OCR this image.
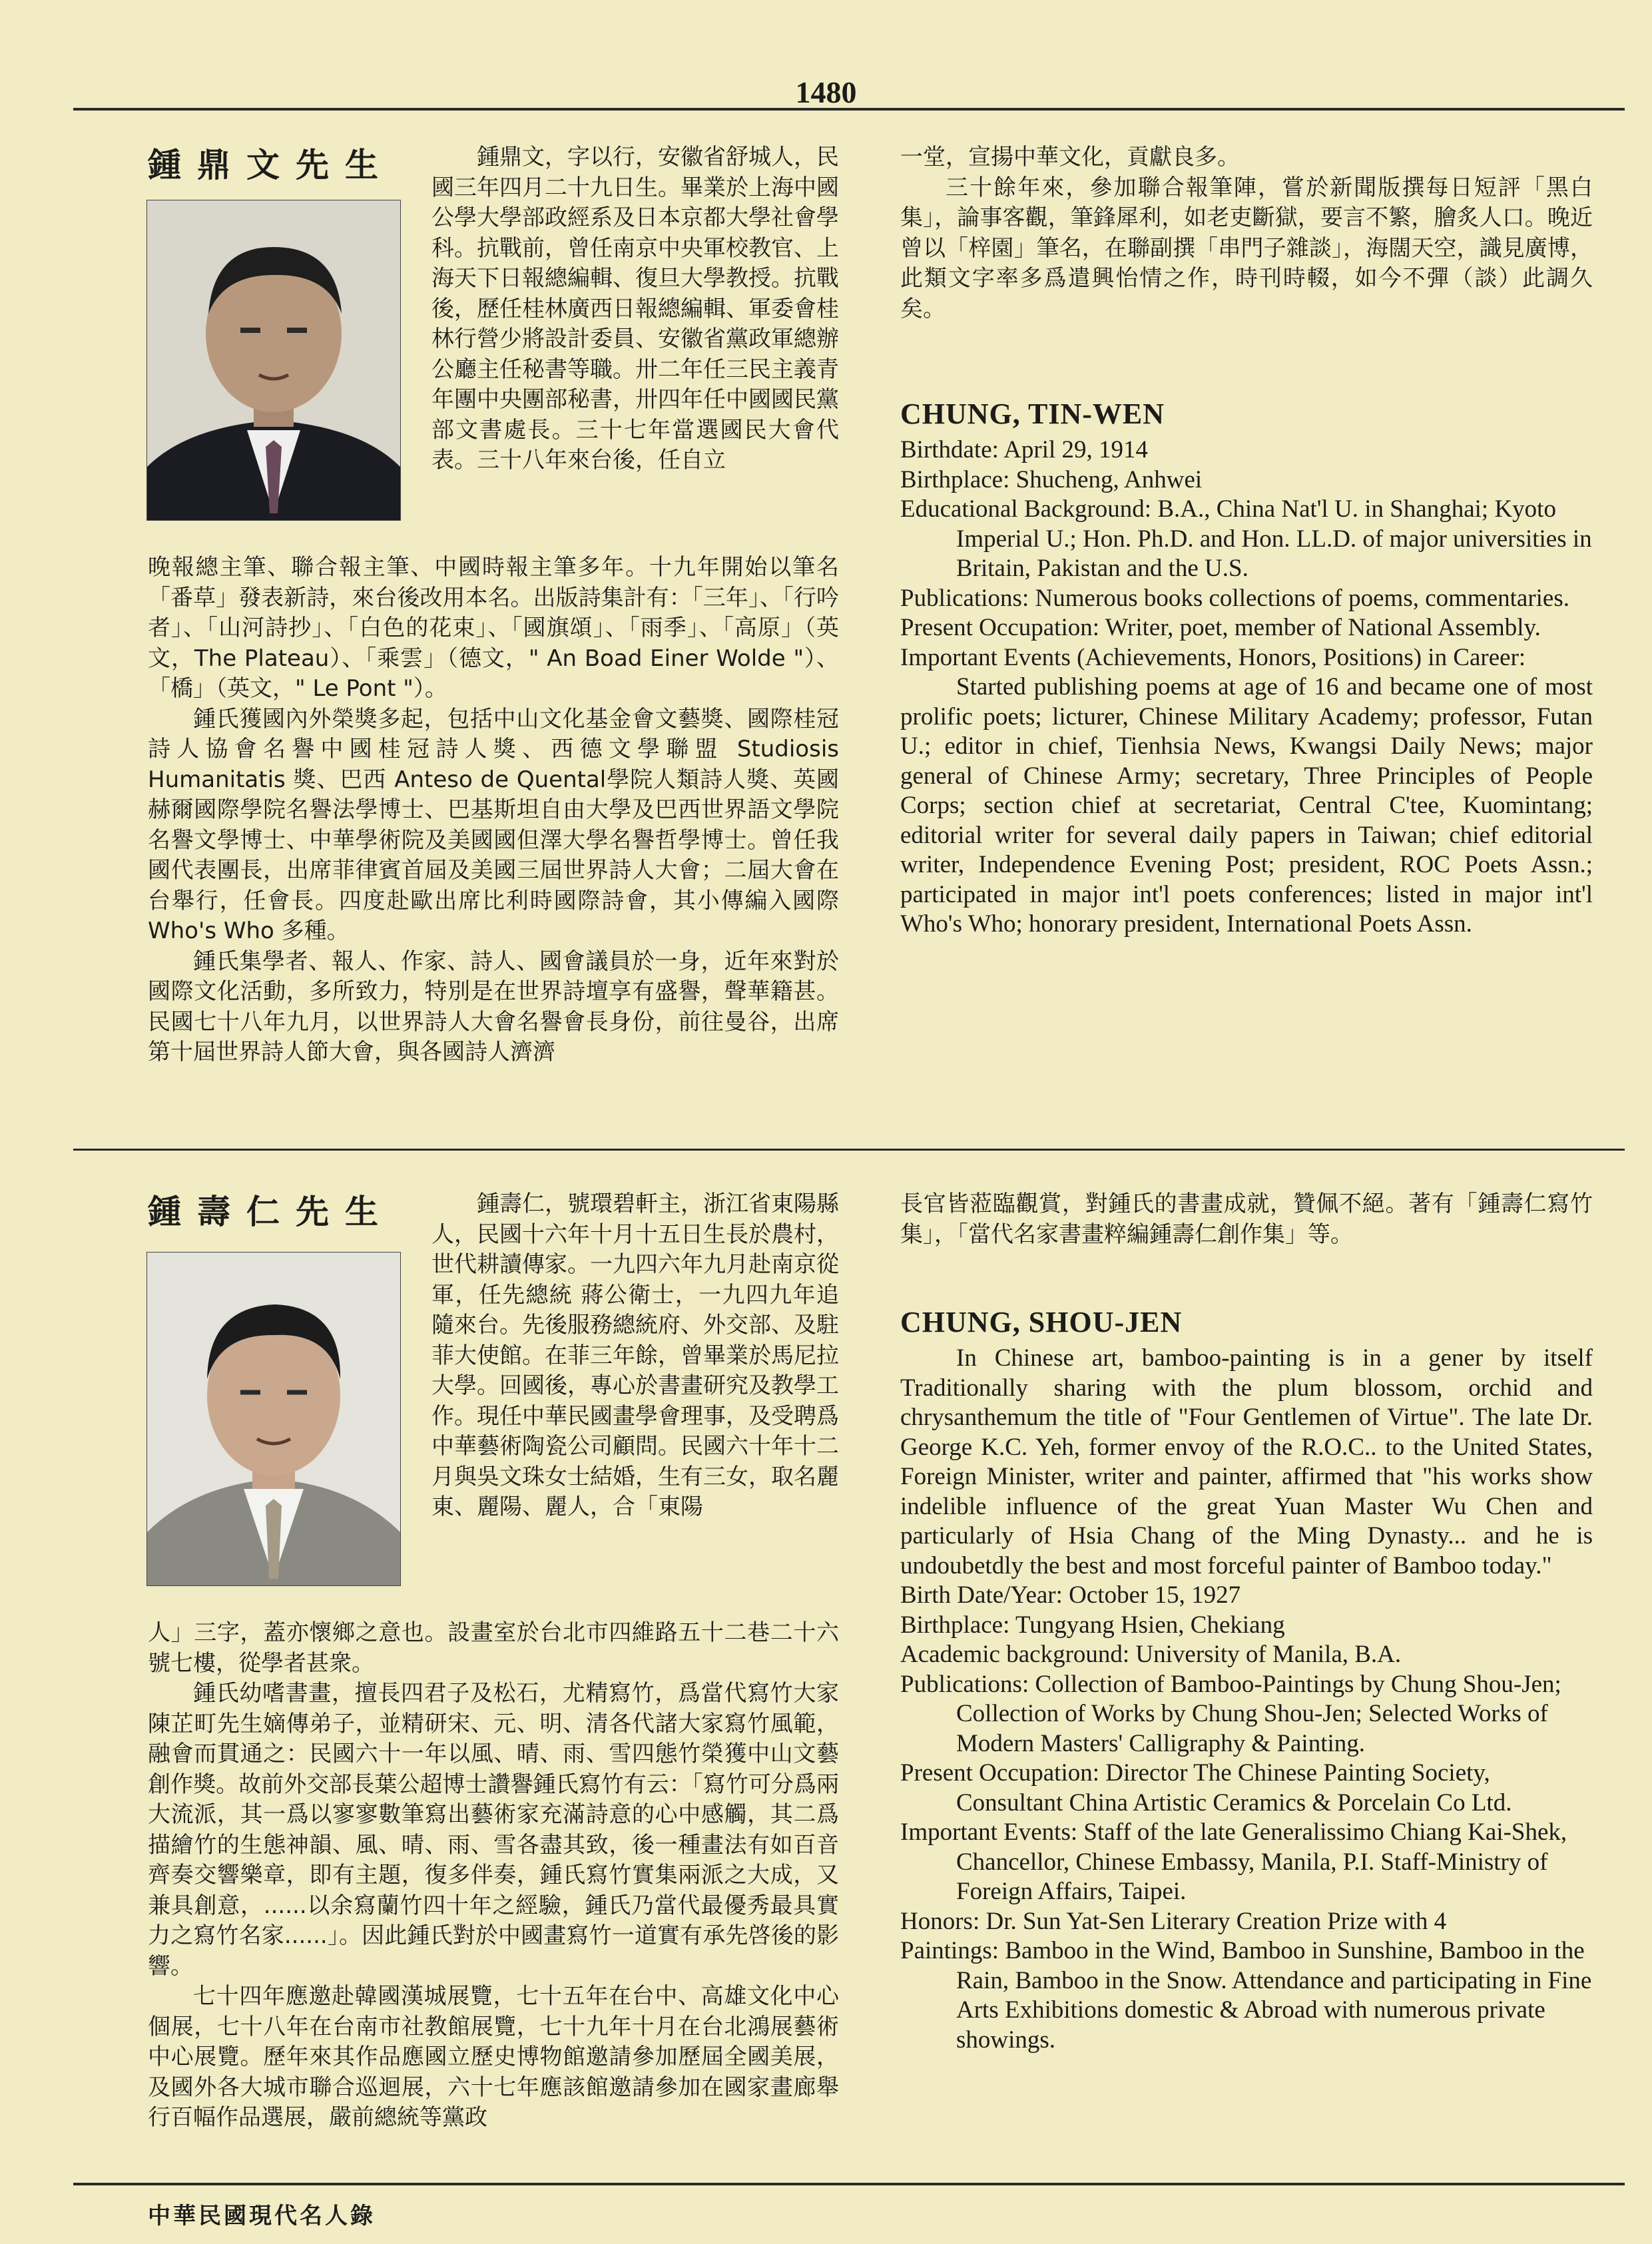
1480
鍾鼎文先生	鍾鼎文，字以行，安徽省舒城人，民國三年四月二十九日生。畢業於上海中國公學大學部政經系及日本京都大學社會學科。抗戰前，曾任南京中央軍校教官、上海天下日報總編輯、復旦大學教授。抗戰後，歷任桂林廣西日報總編輯、軍委會桂林行營少將設計委員、安徽省黨政軍總辦公廳主任秘書等職。卅二年任三民主義青年團中央團部秘書，卅四年任中國國民黨部文書處長。三十七年當選國民大會代表。三十八年來台後，任自立

晚報總主筆、聯合報主筆、中國時報主筆多年。十九年開始以筆名「番草」發表新詩，來台後改用本名。出版詩集計有：「三年」、「行吟者」、「山河詩抄」、「白色的花束」、「國旗頌」、「雨季」、「高原」（英文，The Plateau）、「乘雲」（德文，" An Boad Einer Wolde "）、「橋」（英文，" Le Pont "）。

鍾氏獲國內外榮獎多起，包括中山文化基金會文藝獎、國際桂冠詩人協會名譽中國桂冠詩人獎、西德文學聯盟 Studiosis Humanitatis 獎、巴西 Anteso de Quental學院人類詩人獎、英國赫爾國際學院名譽法學博士、巴基斯坦自由大學及巴西世界語文學院名譽文學博士、中華學術院及美國國但澤大學名譽哲學博士。曾任我國代表團長，出席菲律賓首屆及美國三屆世界詩人大會；二屆大會在台舉行，任會長。四度赴歐出席比利時國際詩會，其小傳編入國際 Who's Who 多種。

鍾氏集學者、報人、作家、詩人、國會議員於一身，近年來對於國際文化活動，多所致力，特別是在世界詩壇享有盛譽，聲華籍甚。民國七十八年九月，以世界詩人大會名譽會長身份，前往曼谷，出席第十屆世界詩人節大會，與各國詩人濟濟

一堂，宣揚中華文化，貢獻良多。

三十餘年來，參加聯合報筆陣，嘗於新聞版撰每日短評「黑白集」，論事客觀，筆鋒犀利，如老吏斷獄，要言不繁，膾炙人口。晚近曾以「梓園」筆名，在聯副撰「串門子雜談」，海闊天空，識見廣博，此類文字率多爲遣興怡情之作，時刊時輟，如今不彈（談）此調久矣。

CHUNG, TIN-WEN

Birthdate: April 29, 1914

Birthplace: Shucheng, Anhwei

Educational Background: B.A., China Nat'l U. in Shanghai; Kyoto Imperial U.; Hon. Ph.D. and Hon. LL.D. of major universities in Britain, Pakistan and the U.S.

Publications: Numerous books collections of poems, commentaries.

Present Occupation: Writer, poet, member of National Assembly.

Important Events (Achievements, Honors, Positions) in Career:

Started publishing poems at age of 16 and became one of most prolific poets; licturer, Chinese Military Academy; professor, Futan U.; editor in chief, Tienhsia News, Kwangsi Daily News; major general of Chinese Army; secretary, Three Principles of People Corps; section chief at secretariat, Central C'tee, Kuomintang; editorial writer for several daily papers in Taiwan; chief editorial writer, Independence Evening Post; president, ROC Poets Assn.; participated in major int'l poets conferences; listed in major int'l Who's Who; honorary president, International Poets Assn.

鍾壽仁先生	鍾壽仁，號環碧軒主，浙江省東陽縣人，民國十六年十月十五日生長於農村，世代耕讀傳家。一九四六年九月赴南京從軍，任先總統 蔣公衛士，一九四九年追隨來台。先後服務總統府、外交部、及駐菲大使館。在菲三年餘，曾畢業於馬尼拉大學。回國後，專心於書畫研究及教學工作。現任中華民國畫學會理事，及受聘爲中華藝術陶瓷公司顧問。民國六十年十二月與吳文珠女士結婚，生有三女，取名麗東、麗陽、麗人，合「東陽

人」三字，蓋亦懷鄉之意也。設畫室於台北市四維路五十二巷二十六號七樓，從學者甚衆。

鍾氏幼嗜書畫，擅長四君子及松石，尤精寫竹，爲當代寫竹大家陳芷町先生嫡傳弟子，並精研宋、元、明、清各代諸大家寫竹風範，融會而貫通之：民國六十一年以風、晴、雨、雪四態竹榮獲中山文藝創作獎。故前外交部長葉公超博士讚譽鍾氏寫竹有云：「寫竹可分爲兩大流派，其一爲以寥寥數筆寫出藝術家充滿詩意的心中感觸，其二爲描繪竹的生態神韻、風、晴、雨、雪各盡其致，後一種畫法有如百音齊奏交響樂章，即有主題，復多伴奏，鍾氏寫竹實集兩派之大成，又兼具創意，......以余寫蘭竹四十年之經驗，鍾氏乃當代最優秀最具實力之寫竹名家......」。因此鍾氏對於中國畫寫竹一道實有承先啓後的影響。

七十四年應邀赴韓國漢城展覽，七十五年在台中、高雄文化中心個展，七十八年在台南市社教館展覽，七十九年十月在台北鴻展藝術中心展覽。歷年來其作品應國立歷史博物館邀請參加歷屆全國美展，及國外各大城市聯合巡迴展，六十七年應該館邀請參加在國家畫廊舉行百幅作品選展，嚴前總統等黨政

長官皆蒞臨觀賞，對鍾氏的書畫成就，贊佩不絕。著有「鍾壽仁寫竹集」，「當代名家書畫粹編鍾壽仁創作集」等。

CHUNG, SHOU-JEN

In Chinese art, bamboo-painting is in a gener by itself Traditionally sharing with the plum blossom, orchid and chrysanthemum the title of "Four Gentlemen of Virtue". The late Dr. George K.C. Yeh, former envoy of the R.O.C.. to the United States, Foreign Minister, writer and painter, affirmed that "his works show indelible influence of the great Yuan Master Wu Chen and particularly of Hsia Chang of the Ming Dynasty... and he is undoubetdly the best and most forceful painter of Bamboo today."

Birth Date/Year: October 15, 1927

Birthplace: Tungyang Hsien, Chekiang

Academic background: University of Manila, B.A.

Publications: Collection of Bamboo-Paintings by Chung Shou-Jen; Collection of Works by Chung Shou-Jen; Selected Works of Modern Masters' Calligraphy & Painting.

Present Occupation: Director The Chinese Painting Society, Consultant China Artistic Ceramics & Porcelain Co Ltd.

Important Events: Staff of the late Generalissimo Chiang Kai-Shek, Chancellor, Chinese Embassy, Manila, P.I. Staff-Ministry of Foreign Affairs, Taipei.

Honors: Dr. Sun Yat-Sen Literary Creation Prize with 4

Paintings: Bamboo in the Wind, Bamboo in Sunshine, Bamboo in the Rain, Bamboo in the Snow. Attendance and participating in Fine Arts Exhibitions domestic & Abroad with numerous private showings.

中華民國現代名人錄
